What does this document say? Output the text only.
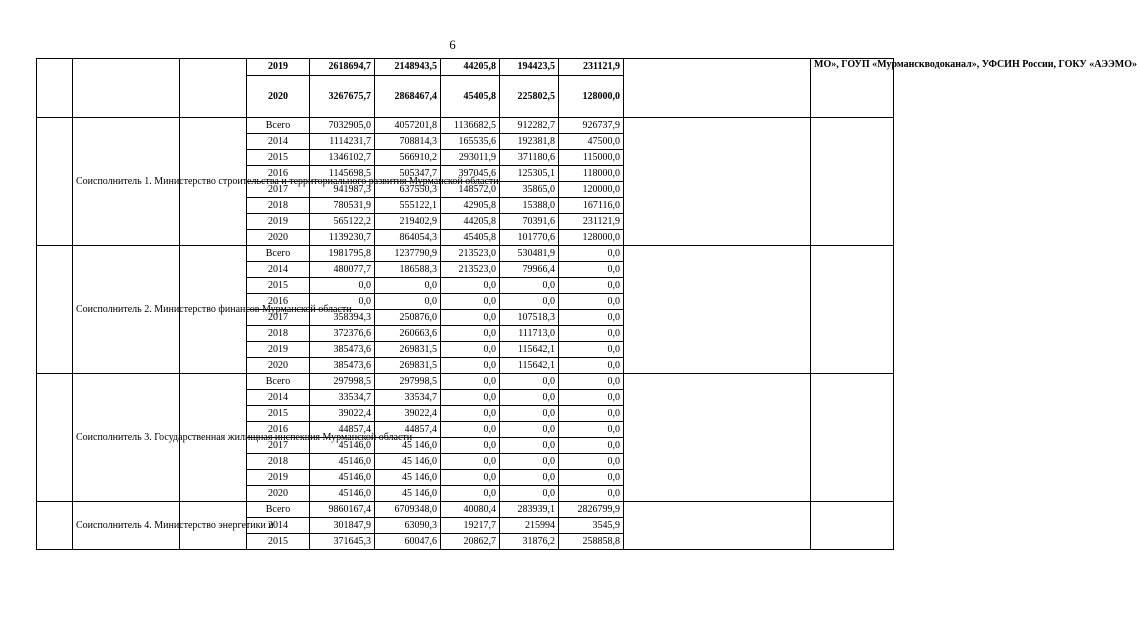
6
			2019	2618694,7	2148943,5	44205,8	194423,5	231121,9		МО», ГОУП «Мурманскводоканал», УФСИН России, ГОКУ «АЭЭМО»
			2020	3267675,7	2868467,4	45405,8	225802,5	128000,0		
	Соисполнитель 1. Министерство строительства и территориального развития Мурманской области		Всего	7032905,0	4057201,8	1136682,5	912282,7	926737,9		
			2014	1114231,7	708814,3	165535,6	192381,8	47500,0		
			2015	1346102,7	566910,2	293011,9	371180,6	115000,0		
			2016	1145698,5	505347,7	397045,6	125305,1	118000,0		
			2017	941987,3	637550,3	148572,0	35865,0	120000,0		
			2018	780531,9	555122,1	42905,8	15388,0	167116,0		
			2019	565122,2	219402,9	44205,8	70391,6	231121,9		
			2020	1139230,7	864054,3	45405,8	101770,6	128000,0		
	Соисполнитель 2. Министерство финансов Мурманской области		Всего	1981795,8	1237790,9	213523,0	530481,9	0,0		
			2014	480077,7	186588,3	213523,0	79966,4	0,0		
			2015	0,0	0,0	0,0	0,0	0,0		
			2016	0,0	0,0	0,0	0,0	0,0		
			2017	358394,3	250876,0	0,0	107518,3	0,0		
			2018	372376,6	260663,6	0,0	111713,0	0,0		
			2019	385473,6	269831,5	0,0	115642,1	0,0		
			2020	385473,6	269831,5	0,0	115642,1	0,0		
	Соисполнитель 3. Государственная жилищная инспекция Мурманской области		Всего	297998,5	297998,5	0,0	0,0	0,0		
			2014	33534,7	33534,7	0,0	0,0	0,0		
			2015	39022,4	39022,4	0,0	0,0	0,0		
			2016	44857,4	44857,4	0,0	0,0	0,0		
			2017	45146,0	45 146,0	0,0	0,0	0,0		
			2018	45146,0	45 146,0	0,0	0,0	0,0		
			2019	45146,0	45 146,0	0,0	0,0	0,0		
			2020	45146,0	45 146,0	0,0	0,0	0,0		
	Соисполнитель 4. Министерство энергетики и		Всего	9860167,4	6709348,0	40080,4	283939,1	2826799,9		
			2014	301847,9	63090,3	19217,7	215994	3545,9		
			2015	371645,3	60047,6	20862,7	31876,2	258858,8		
